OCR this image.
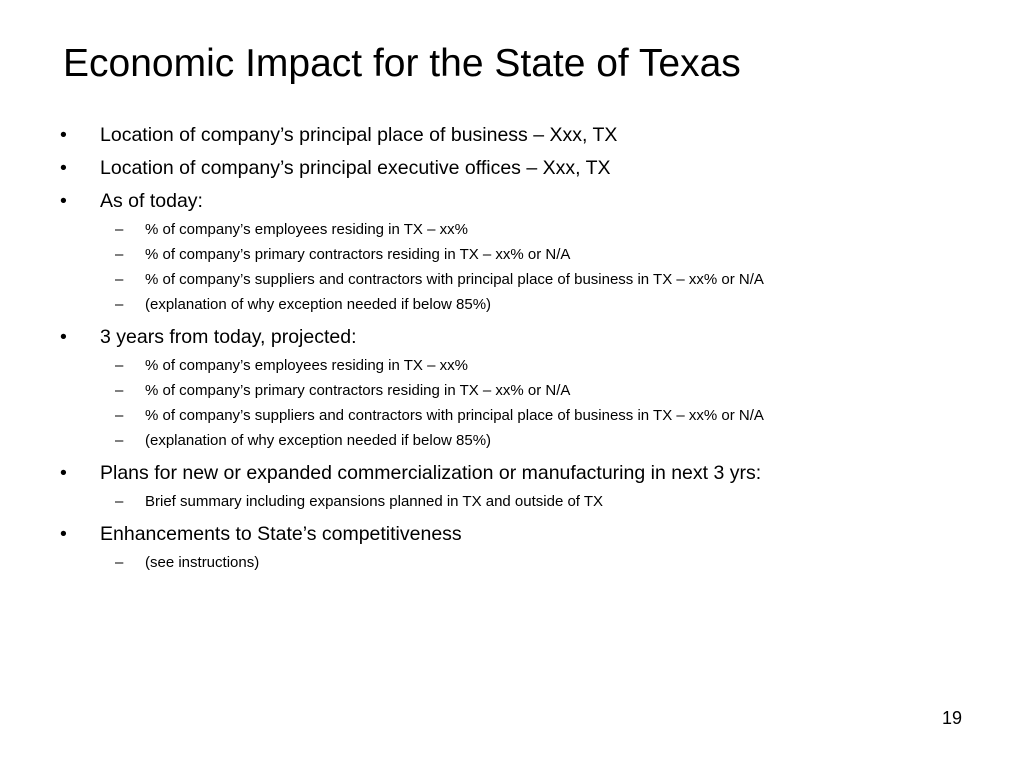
Economic Impact for the State of Texas
• Location of company’s principal place of business – Xxx, TX
• Location of company’s principal executive offices – Xxx, TX
• As of today:
– % of company’s employees residing in TX – xx%
– % of company’s primary contractors residing in TX – xx% or N/A
– % of company’s suppliers and contractors with principal place of business in TX – xx% or N/A
– (explanation of why exception needed if below 85%)
• 3 years from today, projected:
– % of company’s employees residing in TX – xx%
– % of company’s primary contractors residing in TX – xx% or N/A
– % of company’s suppliers and contractors with principal place of business in TX – xx% or N/A
– (explanation of why exception needed if below 85%)
• Plans for new or expanded commercialization or manufacturing in next 3 yrs:
– Brief summary including expansions planned in TX and outside of TX
• Enhancements to State’s competitiveness
– (see instructions)
19
